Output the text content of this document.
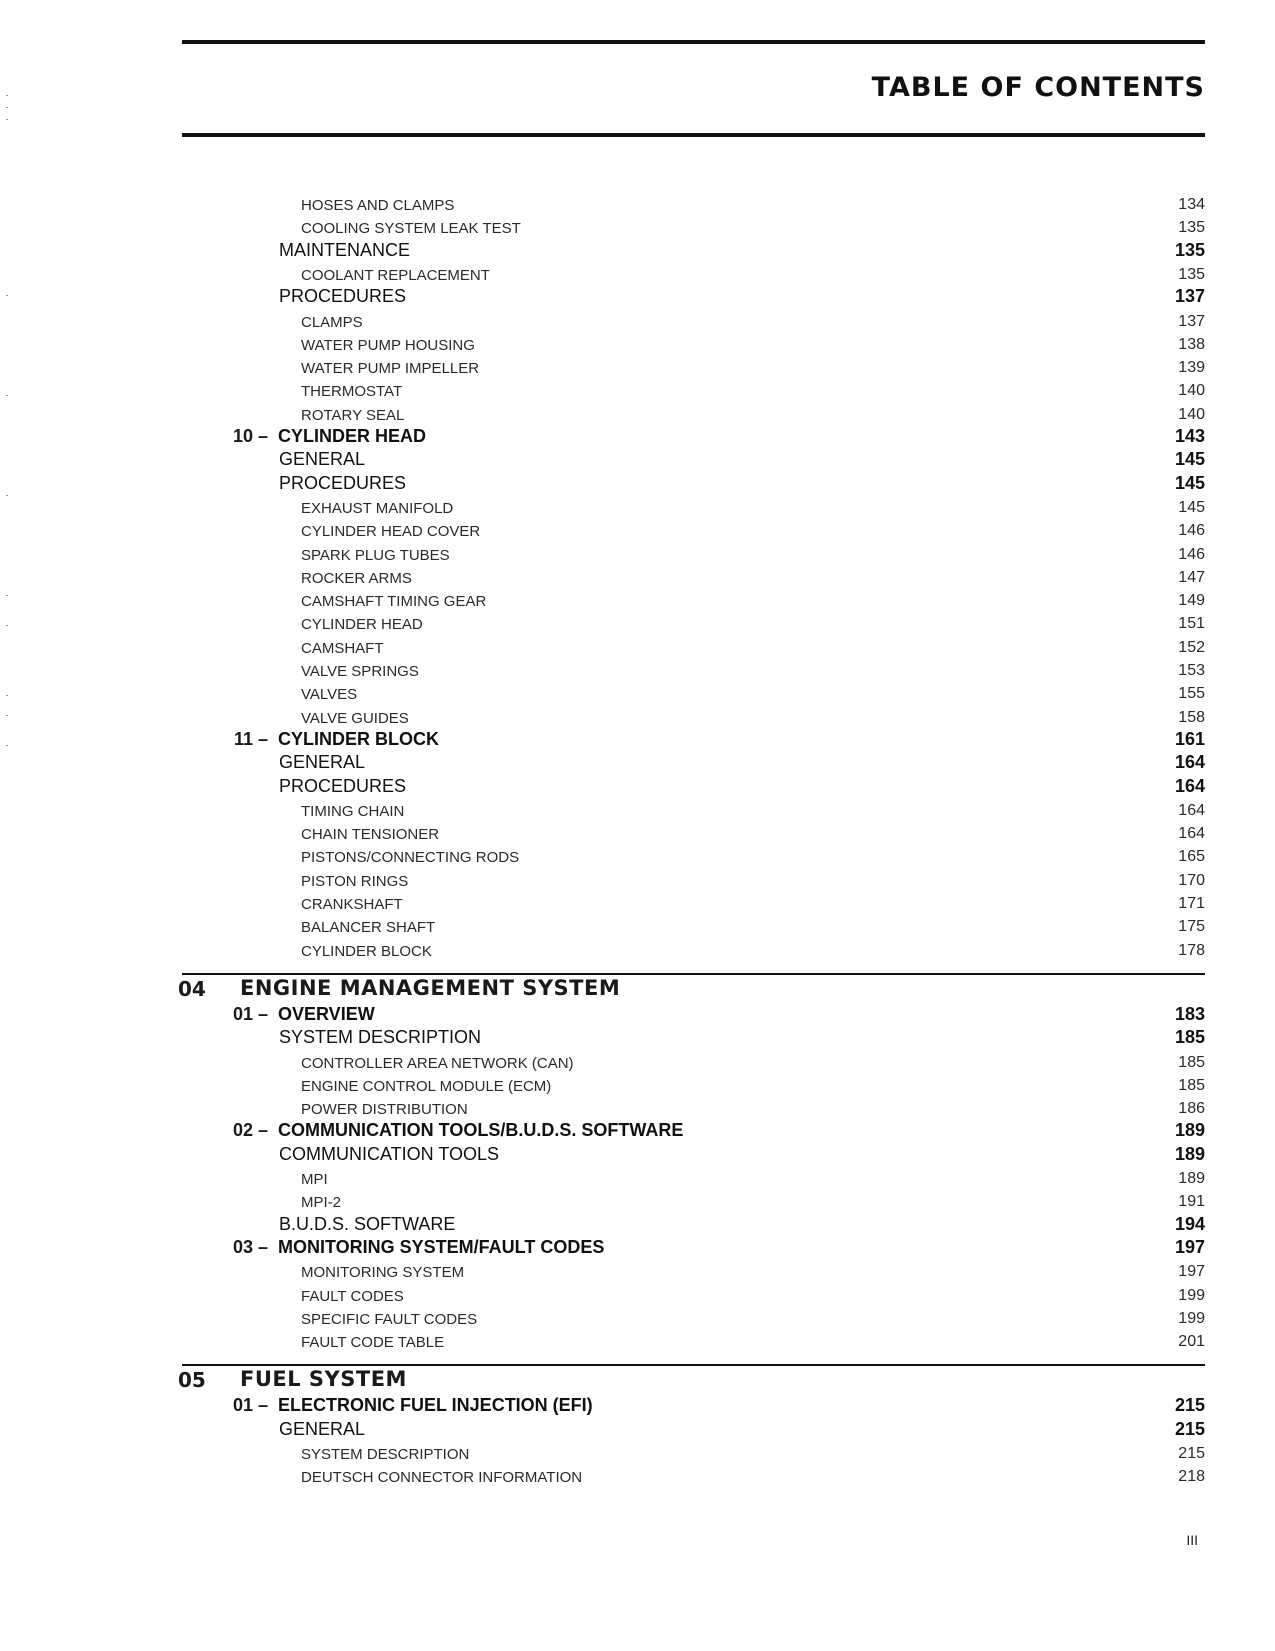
TABLE OF CONTENTS
HOSES AND CLAMPS .....	134
COOLING SYSTEM LEAK TEST .....	135
MAINTENANCE .....	135
COOLANT REPLACEMENT .....	135
PROCEDURES .....	137
CLAMPS .....	137
WATER PUMP HOUSING .....	138
WATER PUMP IMPELLER .....	139
THERMOSTAT .....	140
ROTARY SEAL .....	140
10 – CYLINDER HEAD .....	143
GENERAL .....	145
PROCEDURES .....	145
EXHAUST MANIFOLD .....	145
CYLINDER HEAD COVER .....	146
SPARK PLUG TUBES .....	146
ROCKER ARMS .....	147
CAMSHAFT TIMING GEAR .....	149
CYLINDER HEAD .....	151
CAMSHAFT .....	152
VALVE SPRINGS .....	153
VALVES .....	155
VALVE GUIDES .....	158
11 – CYLINDER BLOCK .....	161
GENERAL .....	164
PROCEDURES .....	164
TIMING CHAIN .....	164
CHAIN TENSIONER .....	164
PISTONS/CONNECTING RODS .....	165
PISTON RINGS .....	170
CRANKSHAFT .....	171
BALANCER SHAFT .....	175
CYLINDER BLOCK .....	178
04 ENGINE MANAGEMENT SYSTEM
01 – OVERVIEW .....	183
SYSTEM DESCRIPTION .....	185
CONTROLLER AREA NETWORK (CAN) .....	185
ENGINE CONTROL MODULE (ECM) .....	185
POWER DISTRIBUTION .....	186
02 – COMMUNICATION TOOLS/B.U.D.S. SOFTWARE .....	189
COMMUNICATION TOOLS .....	189
MPI .....	189
MPI-2 .....	191
B.U.D.S. SOFTWARE .....	194
03 – MONITORING SYSTEM/FAULT CODES .....	197
MONITORING SYSTEM .....	197
FAULT CODES .....	199
SPECIFIC FAULT CODES .....	199
FAULT CODE TABLE .....	201
05 FUEL SYSTEM
01 – ELECTRONIC FUEL INJECTION (EFI) .....	215
GENERAL .....	215
SYSTEM DESCRIPTION .....	215
DEUTSCH CONNECTOR INFORMATION .....	218
III
